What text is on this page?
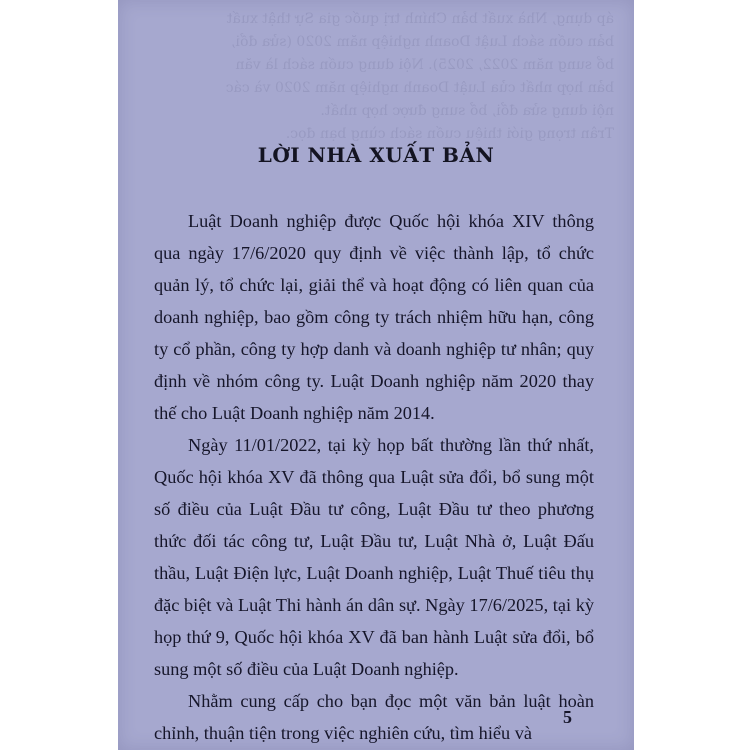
áp dụng, Nhà xuất bản Chính trị quốc gia Sự thật xuất
bản cuốn sách Luật Doanh nghiệp năm 2020 (sửa đổi,
bổ sung năm 2022, 2025). Nội dung cuốn sách là văn
bản hợp nhất của Luật Doanh nghiệp năm 2020 và các
nội dung sửa đổi, bổ sung được hợp nhất.
Trân trọng giới thiệu cuốn sách cùng bạn đọc.
LỜI NHÀ XUẤT BẢN

Luật Doanh nghiệp được Quốc hội khóa XIV thông qua ngày 17/6/2020 quy định về việc thành lập, tổ chức quản lý, tổ chức lại, giải thể và hoạt động có liên quan của doanh nghiệp, bao gồm công ty trách nhiệm hữu hạn, công ty cổ phần, công ty hợp danh và doanh nghiệp tư nhân; quy định về nhóm công ty. Luật Doanh nghiệp năm 2020 thay thế cho Luật Doanh nghiệp năm 2014.

Ngày 11/01/2022, tại kỳ họp bất thường lần thứ nhất, Quốc hội khóa XV đã thông qua Luật sửa đổi, bổ sung một số điều của Luật Đầu tư công, Luật Đầu tư theo phương thức đối tác công tư, Luật Đầu tư, Luật Nhà ở, Luật Đấu thầu, Luật Điện lực, Luật Doanh nghiệp, Luật Thuế tiêu thụ đặc biệt và Luật Thi hành án dân sự. Ngày 17/6/2025, tại kỳ họp thứ 9, Quốc hội khóa XV đã ban hành Luật sửa đổi, bổ sung một số điều của Luật Doanh nghiệp.

Nhằm cung cấp cho bạn đọc một văn bản luật hoàn chỉnh, thuận tiện trong việc nghiên cứu, tìm hiểu và

5
